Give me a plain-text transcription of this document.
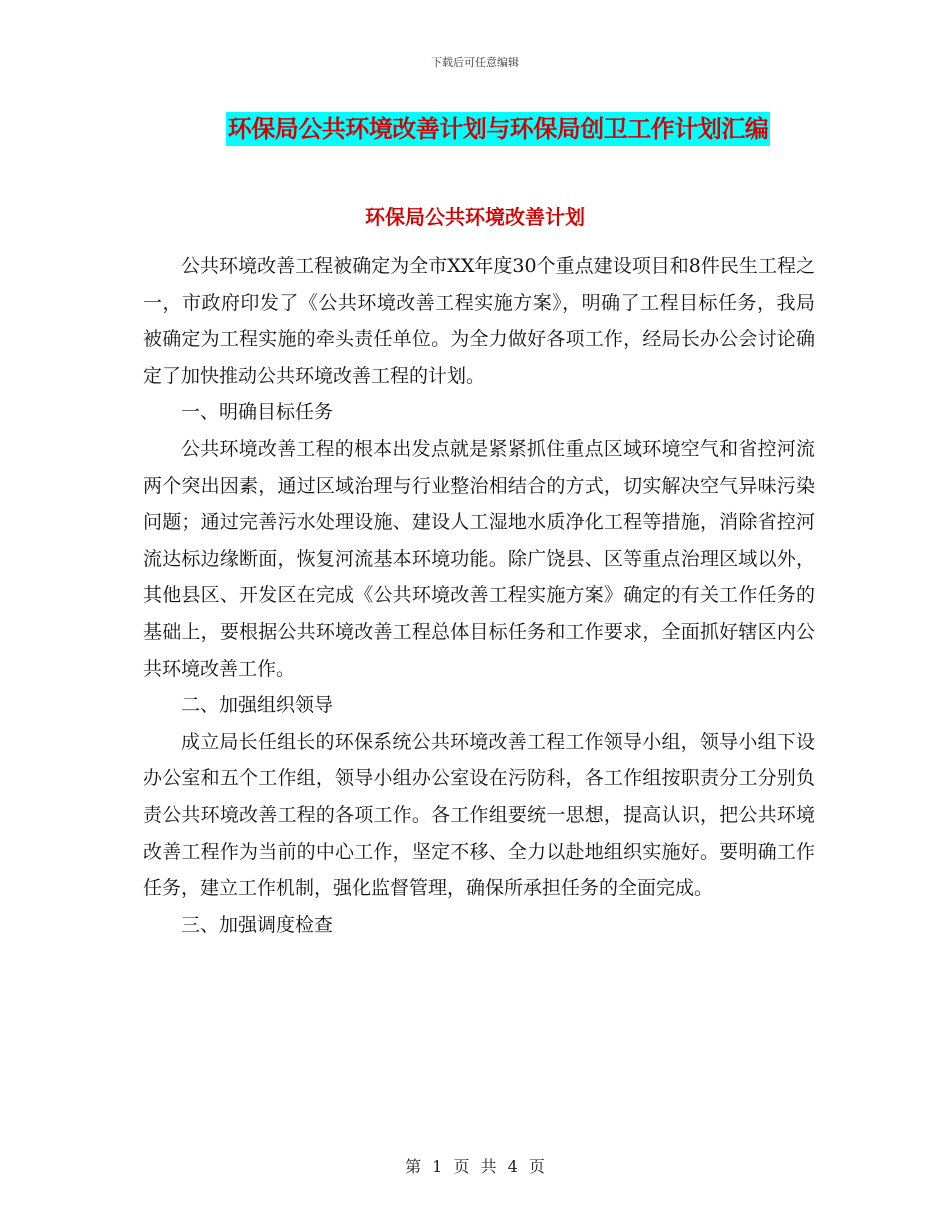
下载后可任意编辑
环保局公共环境改善计划与环保局创卫工作计划汇编
环保局公共环境改善计划

公共环境改善工程被确定为全市XX年度30个重点建设项目和8件民生工程之一，市政府印发了《公共环境改善工程实施方案》，明确了工程目标任务，我局被确定为工程实施的牵头责任单位。为全力做好各项工作，经局长办公会讨论确定了加快推动公共环境改善工程的计划。

一、明确目标任务

公共环境改善工程的根本出发点就是紧紧抓住重点区域环境空气和省控河流两个突出因素，通过区域治理与行业整治相结合的方式，切实解决空气异味污染问题；通过完善污水处理设施、建设人工湿地水质净化工程等措施，消除省控河流达标边缘断面，恢复河流基本环境功能。除广饶县、区等重点治理区域以外，其他县区、开发区在完成《公共环境改善工程实施方案》确定的有关工作任务的基础上，要根据公共环境改善工程总体目标任务和工作要求，全面抓好辖区内公共环境改善工作。

二、加强组织领导

成立局长任组长的环保系统公共环境改善工程工作领导小组，领导小组下设办公室和五个工作组，领导小组办公室设在污防科，各工作组按职责分工分别负责公共环境改善工程的各项工作。各工作组要统一思想，提高认识，把公共环境改善工程作为当前的中心工作，坚定不移、全力以赴地组织实施好。要明确工作任务，建立工作机制，强化监督管理，确保所承担任务的全面完成。

三、加强调度检查

第 1 页 共 4 页
